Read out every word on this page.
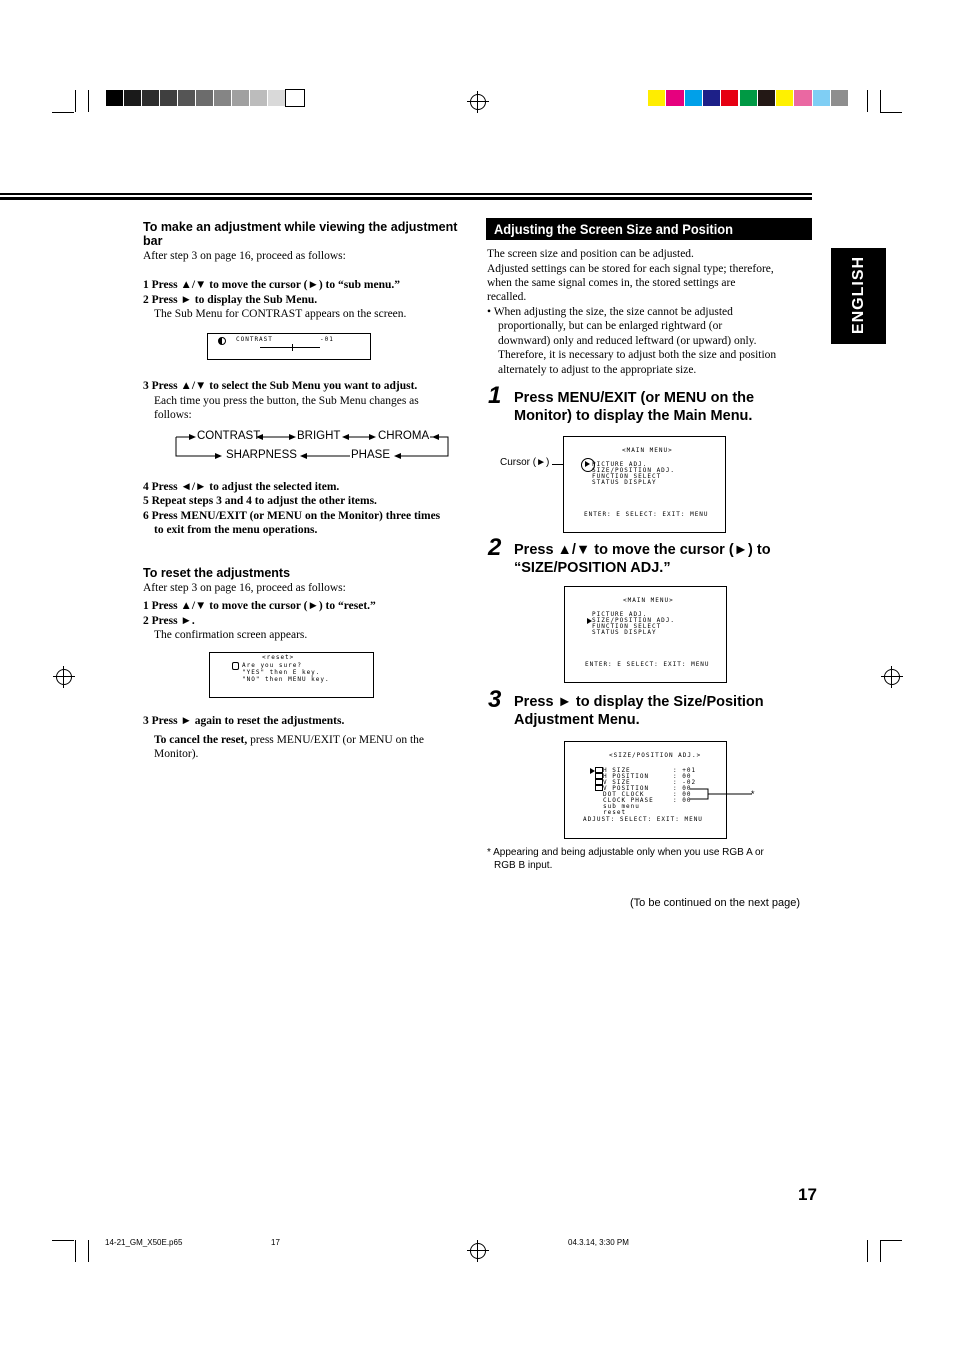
ENGLISH
To make an adjustment while viewing the adjustment bar
After step 3 on page 16, proceed as follows:
1 Press ▲/▼ to move the cursor (►) to “sub menu.”
2 Press ► to display the Sub Menu.
The Sub Menu for CONTRAST appears on the screen.
CONTRAST	-01
3 Press ▲/▼ to select the Sub Menu you want to adjust.
Each time you press the button, the Sub Menu changes as
follows:
CONTRAST	BRIGHT	CHROMA
SHARPNESS	PHASE
4 Press ◄/► to adjust the selected item.
5 Repeat steps 3 and 4 to adjust the other items.
6 Press MENU/EXIT (or MENU on the Monitor) three times
to exit from the menu operations.
To reset the adjustments
After step 3 on page 16, proceed as follows:
1 Press ▲/▼ to move the cursor (►) to “reset.”
2 Press ►.
The confirmation screen appears.
<reset>
Are you sure?
"YES" then E key.
"NO" then MENU key.
3 Press ► again to reset the adjustments.
To cancel the reset, press MENU/EXIT (or MENU on the
Monitor).
Adjusting the Screen Size and Position
The screen size and position can be adjusted.
Adjusted settings can be stored for each signal type; therefore,
when the same signal comes in, the stored settings are
recalled.
• When adjusting the size, the size cannot be adjusted
proportionally, but can be enlarged rightward (or
downward) only and reduced leftward (or upward) only.
Therefore, it is necessary to adjust both the size and position
alternately to adjust to the appropriate size.
1 Press MENU/EXIT (or MENU on the
Monitor) to display the Main Menu.
Cursor (►)
<MAIN MENU>
PICTURE ADJ.
SIZE/POSITION ADJ.
FUNCTION SELECT
STATUS DISPLAY
ENTER: E SELECT: EXIT: MENU
2 Press ▲/▼ to move the cursor (►) to
“SIZE/POSITION ADJ.”
<MAIN MENU>
PICTURE ADJ.
SIZE/POSITION ADJ.
FUNCTION SELECT
STATUS DISPLAY
ENTER: E SELECT: EXIT: MENU
3 Press ► to display the Size/Position
Adjustment Menu.
<SIZE/POSITION ADJ.>
H SIZE	: +01
H POSITION	: 00
V SIZE	: -02
V POSITION	: 00
DOT CLOCK	: 00
CLOCK PHASE	: 00
sub menu
reset
ADJUST: SELECT: EXIT: MENU
*
* Appearing and being adjustable only when you use RGB A or
RGB B input.
(To be continued on the next page)
17
14-21_GM_X50E.p65	17	04.3.14, 3:30 PM
